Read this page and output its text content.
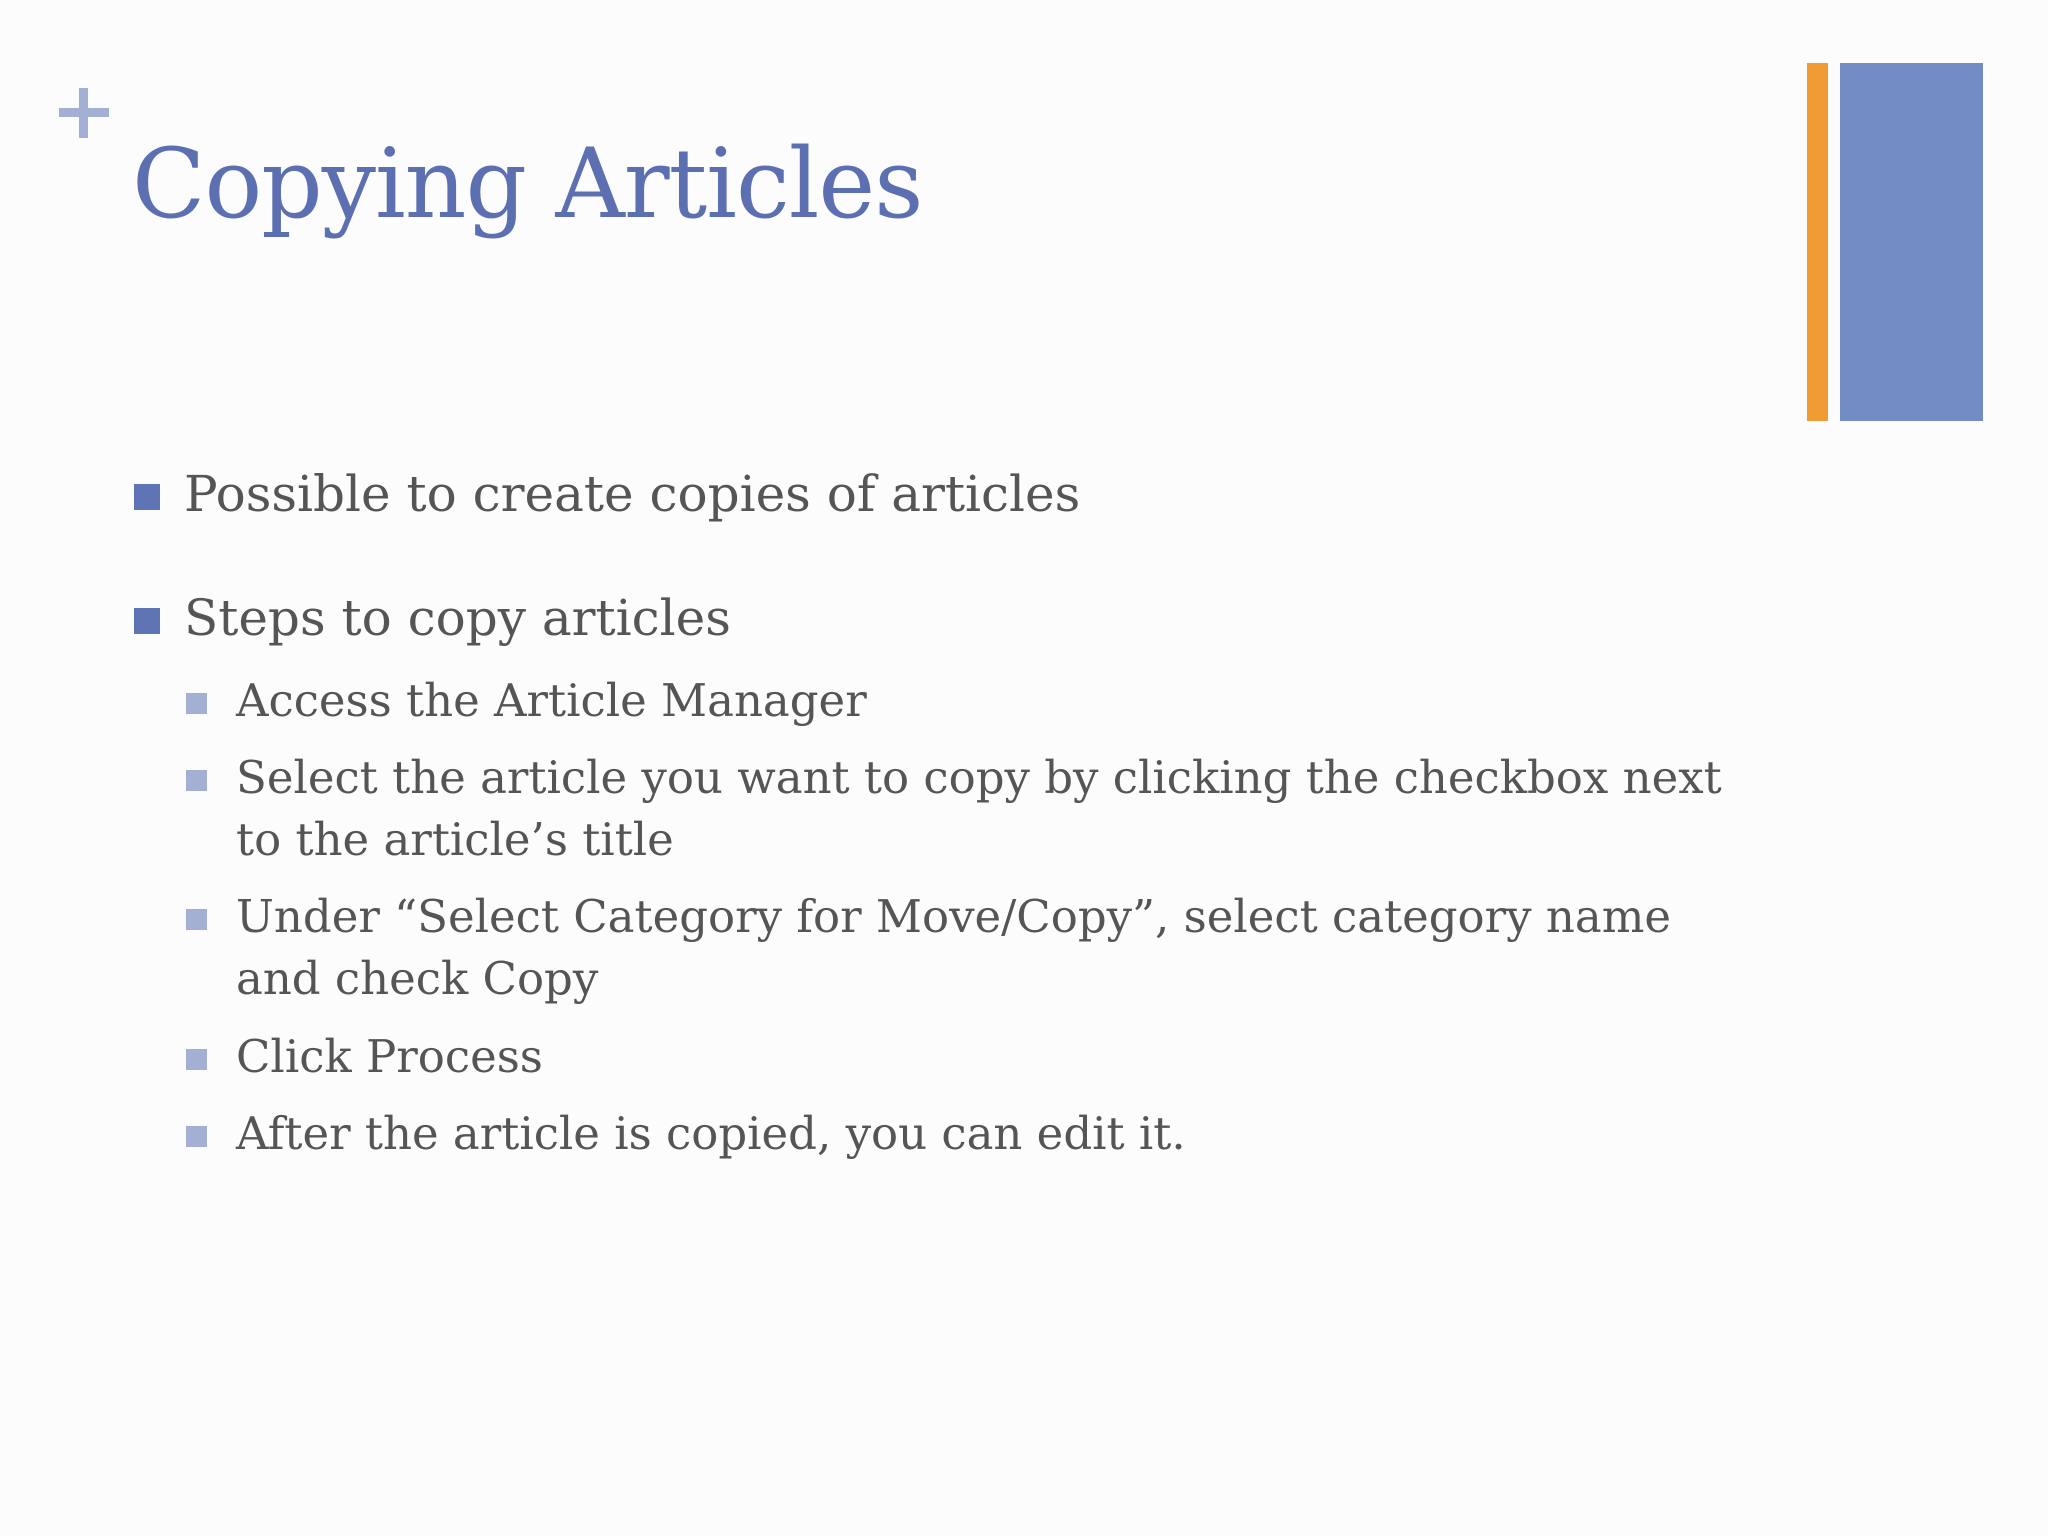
Copying Articles
Possible to create copies of articles
Steps to copy articles
Access the Article Manager
Select the article you want to copy by clicking the checkbox next to the article’s title
Under “Select Category for Move/Copy”, select category name and check Copy
Click Process
After the article is copied, you can edit it.
